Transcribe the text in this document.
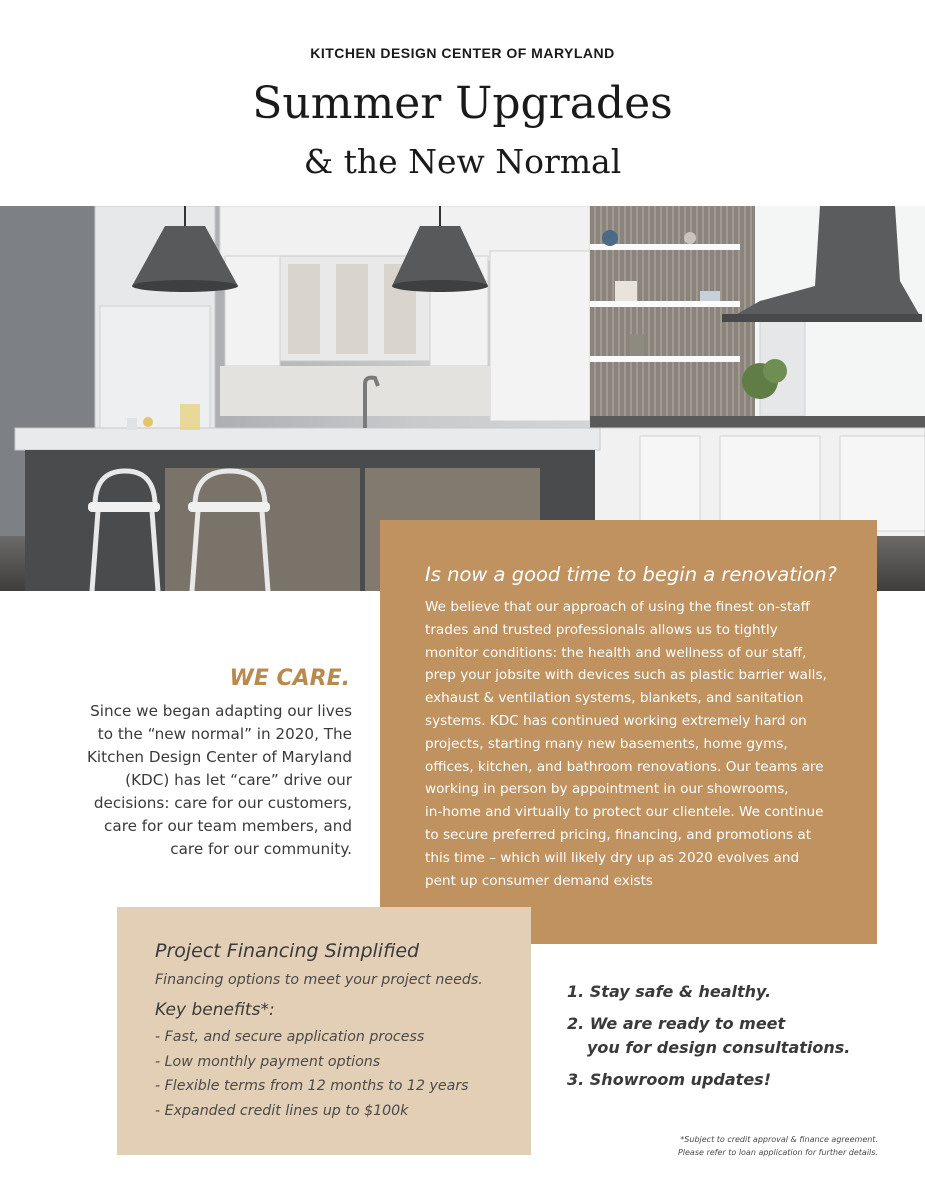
KITCHEN DESIGN CENTER OF MARYLAND
Summer Upgrades
& the New Normal
WE CARE.
Since we began adapting our lives
to the “new normal” in 2020, The
Kitchen Design Center of Maryland
(KDC) has let “care” drive our
decisions: care for our customers,
care for our team members, and
care for our community.
Is now a good time to begin a renovation?
We believe that our approach of using the finest on-staff
trades and trusted professionals allows us to tightly
monitor conditions: the health and wellness of our staff,
prep your jobsite with devices such as plastic barrier walls,
exhaust & ventilation systems, blankets, and sanitation
systems. KDC has continued working extremely hard on
projects, starting many new basements, home gyms,
offices, kitchen, and bathroom renovations. Our teams are
working in person by appointment in our showrooms,
in-home and virtually to protect our clientele. We continue
to secure preferred pricing, financing, and promotions at
this time – which will likely dry up as 2020 evolves and
pent up consumer demand exists
Project Financing Simplified
Financing options to meet your project needs.
Key benefits*:
- Fast, and secure application process
- Low monthly payment options
- Flexible terms from 12 months to 12 years
- Expanded credit lines up to $100k
1. Stay safe & healthy.
2. We are ready to meet
you for design consultations.
3. Showroom updates!
*Subject to credit approval & finance agreement.
Please refer to loan application for further details.
